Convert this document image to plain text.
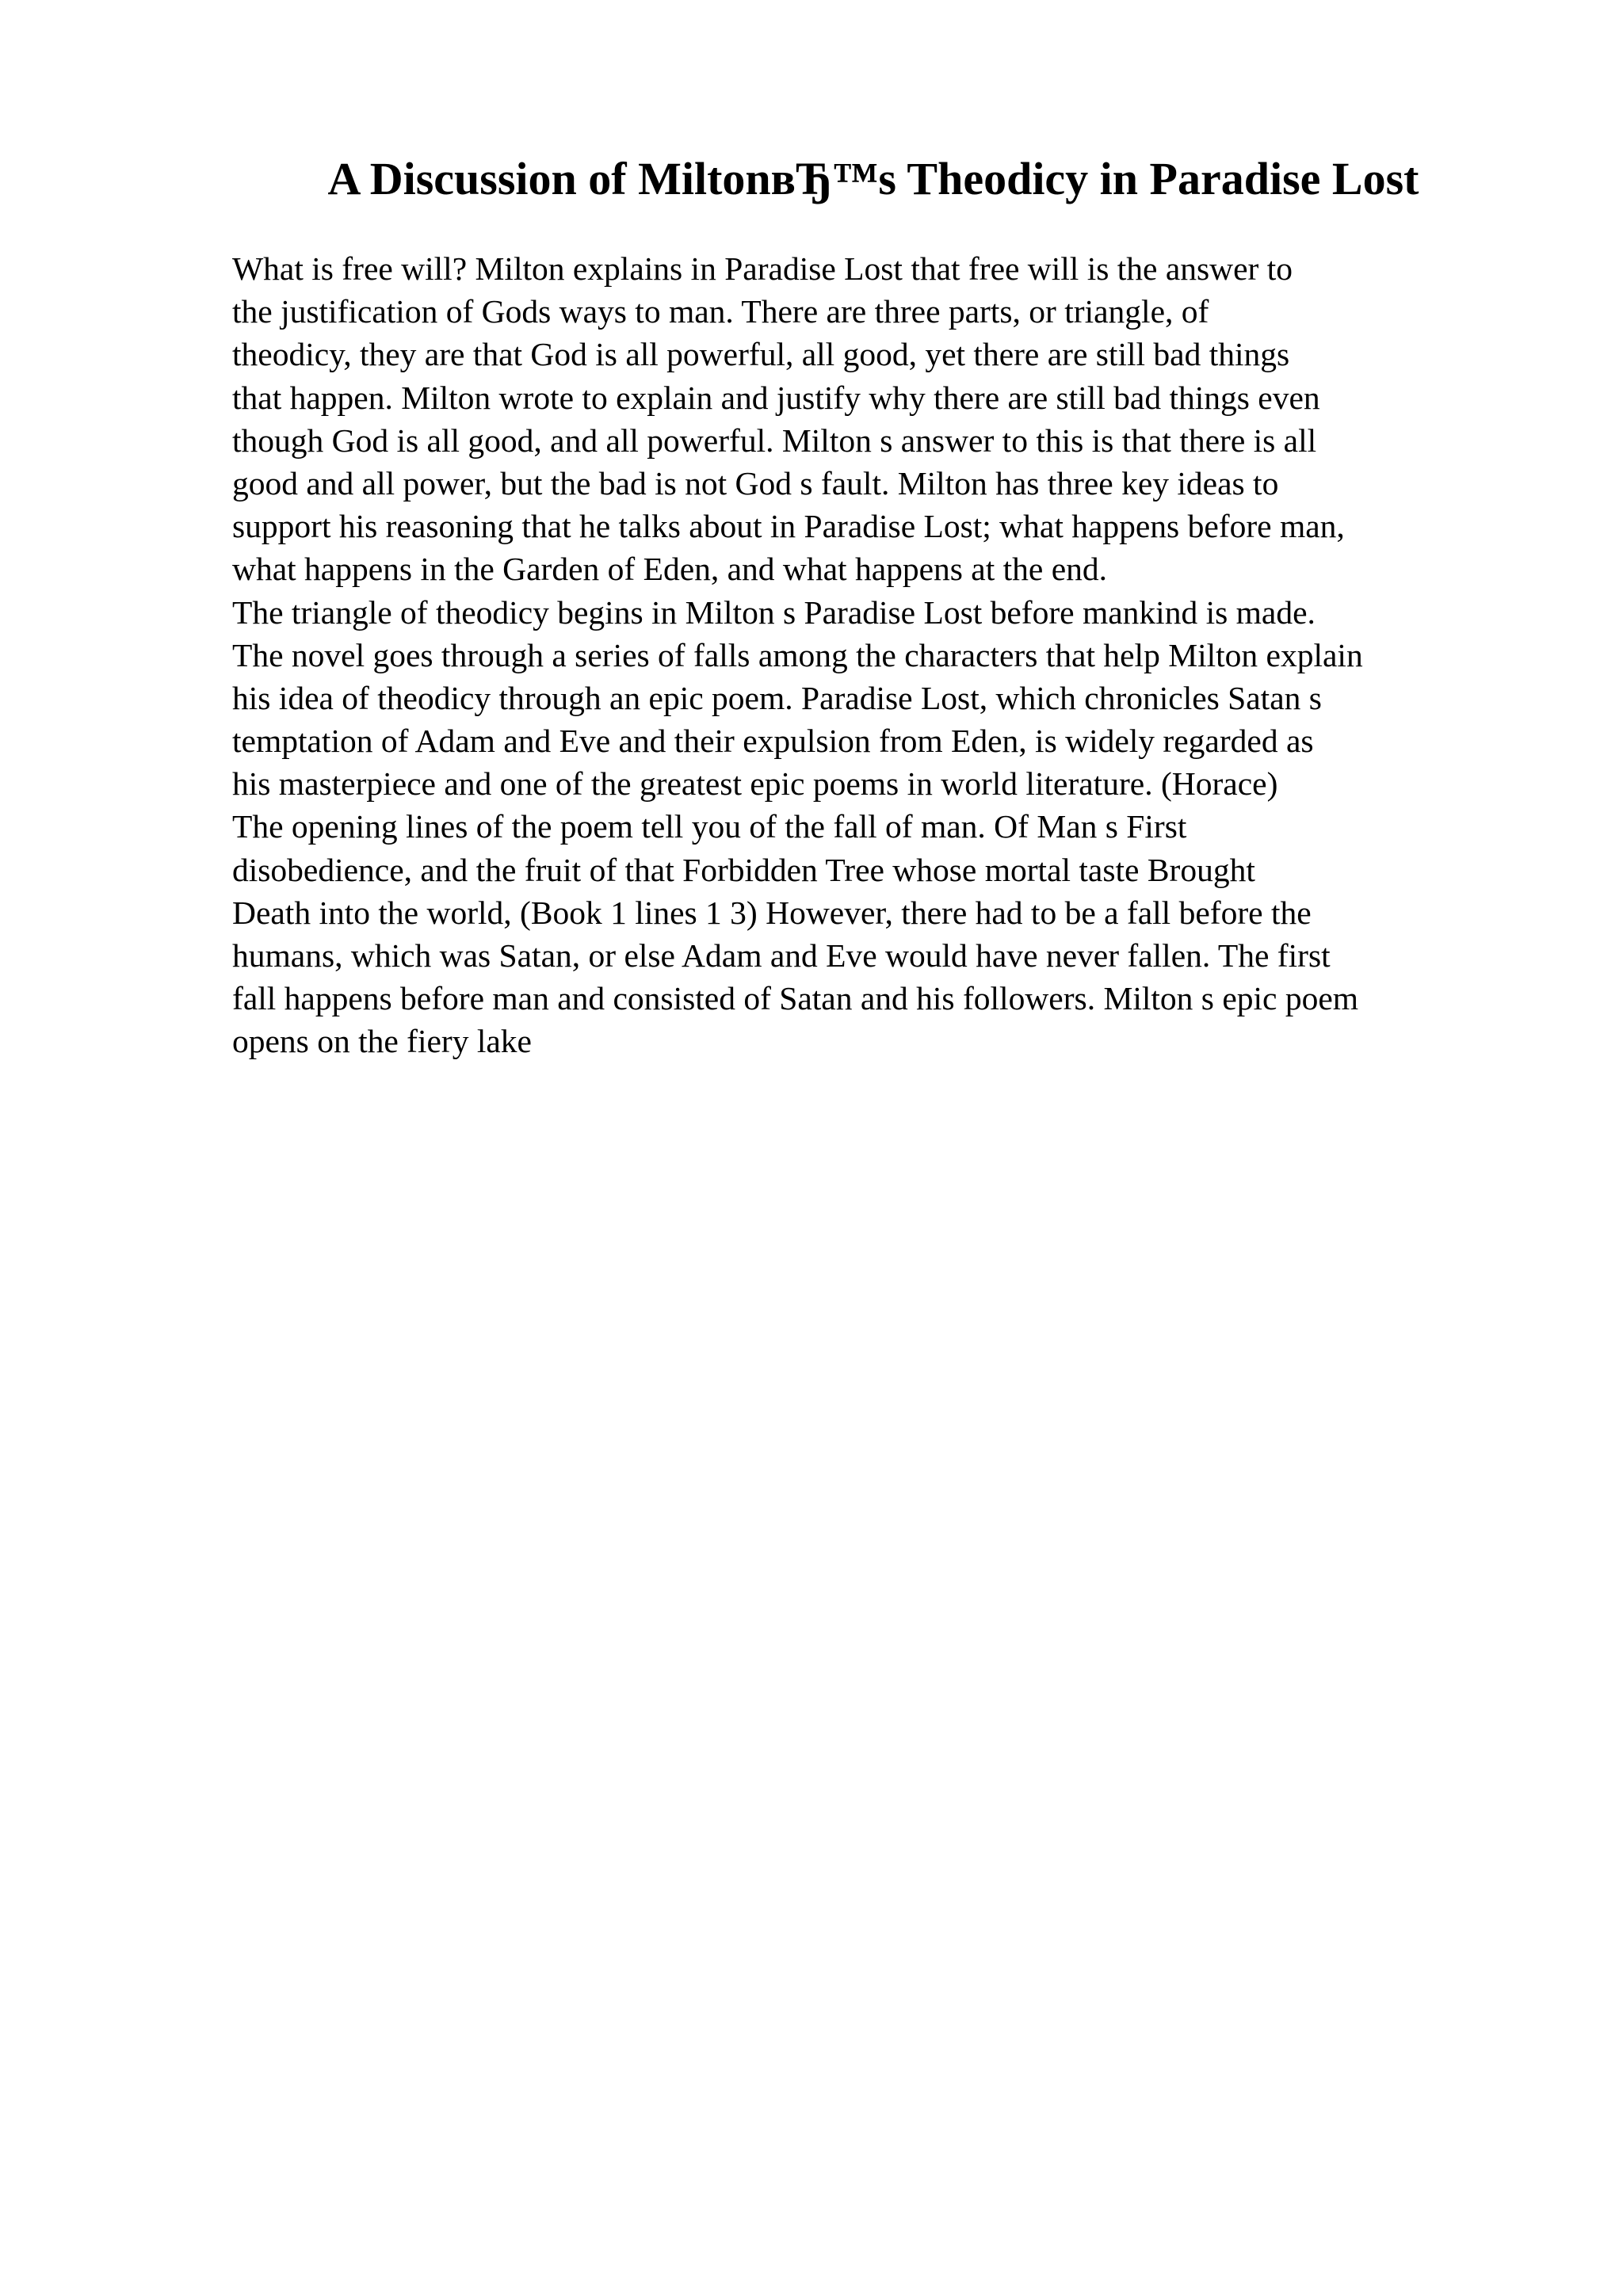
A Discussion of MiltonвЂ™s Theodicy in Paradise Lost
What is free will? Milton explains in Paradise Lost that free will is the answer to
the justification of Gods ways to man. There are three parts, or triangle, of
theodicy, they are that God is all powerful, all good, yet there are still bad things
that happen. Milton wrote to explain and justify why there are still bad things even
though God is all good, and all powerful. Milton s answer to this is that there is all
good and all power, but the bad is not God s fault. Milton has three key ideas to
support his reasoning that he talks about in Paradise Lost; what happens before man,
what happens in the Garden of Eden, and what happens at the end.
The triangle of theodicy begins in Milton s Paradise Lost before mankind is made.
The novel goes through a series of falls among the characters that help Milton explain
his idea of theodicy through an epic poem. Paradise Lost, which chronicles Satan s
temptation of Adam and Eve and their expulsion from Eden, is widely regarded as
his masterpiece and one of the greatest epic poems in world literature. (Horace)
The opening lines of the poem tell you of the fall of man. Of Man s First
disobedience, and the fruit of that Forbidden Tree whose mortal taste Brought
Death into the world, (Book 1 lines 1 3) However, there had to be a fall before the
humans, which was Satan, or else Adam and Eve would have never fallen. The first
fall happens before man and consisted of Satan and his followers. Milton s epic poem
opens on the fiery lake
